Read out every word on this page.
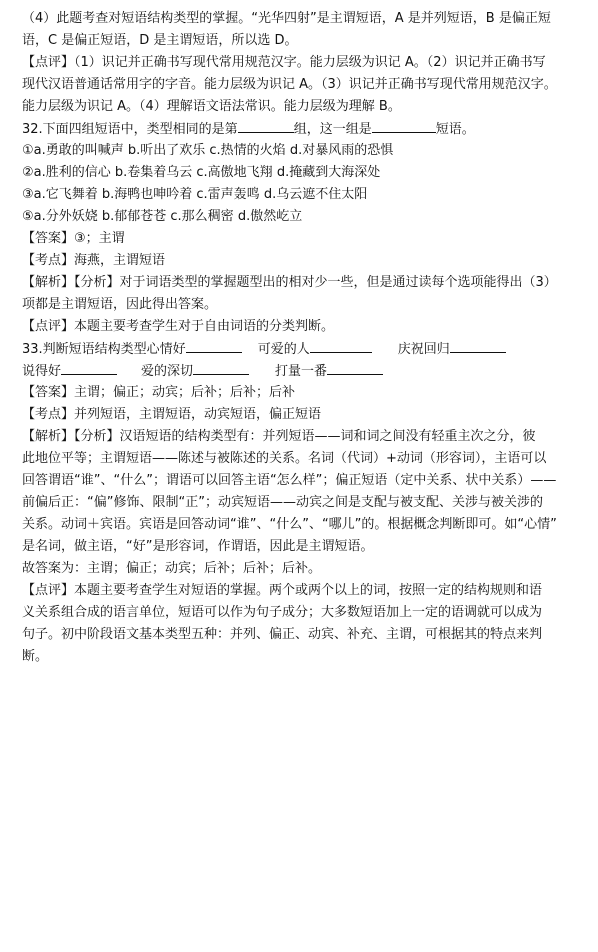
（4）此题考查对短语结构类型的掌握。“光华四射”是主谓短语，A 是并列短语，B 是偏正短
语，C 是偏正短语，D 是主谓短语，所以选 D。
【点评】（1）识记并正确书写现代常用规范汉字。能力层级为识记 A。（2）识记并正确书写
现代汉语普通话常用字的字音。能力层级为识记 A。（3）识记并正确书写现代常用规范汉字。
能力层级为识记 A。（4）理解语文语法常识。能力层级为理解 B。
32.下面四组短语中，类型相同的是第	组，这一组是	短语。
①a.勇敢的叫喊声 b.听出了欢乐 c.热情的火焰 d.对暴风雨的恐惧
②a.胜利的信心 b.卷集着乌云 c.高傲地飞翔 d.掩藏到大海深处
③a.它飞舞着 b.海鸭也呻吟着 c.雷声轰鸣 d.乌云遮不住太阳
⑤a.分外妖娆 b.郁郁苍苍 c.那么稠密 d.傲然屹立
【答案】③；主谓
【考点】海燕，主谓短语
【解析】【分析】对于词语类型的掌握题型出的相对少一些，但是通过读每个选项能得出（3）
项都是主谓短语，因此得出答案。
【点评】本题主要考查学生对于自由词语的分类判断。
33.判断短语结构类型心情好	可爱的人	庆祝回归
说得好	爱的深切	打量一番
【答案】主谓；偏正；动宾；后补；后补；后补
【考点】并列短语，主谓短语，动宾短语，偏正短语
【解析】【分析】汉语短语的结构类型有：并列短语——词和词之间没有轻重主次之分，彼
此地位平等；主谓短语——陈述与被陈述的关系。名词（代词）+动词（形容词），主语可以
回答谓语“谁”、“什么”；谓语可以回答主语“怎么样”；偏正短语（定中关系、状中关系）——
前偏后正：“偏”修饰、限制“正”；动宾短语——动宾之间是支配与被支配、关涉与被关涉的
关系。动词＋宾语。宾语是回答动词“谁”、“什么”、“哪儿”的。根据概念判断即可。如“心情”
是名词，做主语，“好”是形容词，作谓语，因此是主谓短语。
故答案为：主谓；偏正；动宾；后补；后补；后补。
【点评】本题主要考查学生对短语的掌握。两个或两个以上的词，按照一定的结构规则和语
义关系组合成的语言单位，短语可以作为句子成分；大多数短语加上一定的语调就可以成为
句子。初中阶段语文基本类型五种：并列、偏正、动宾、补充、主谓，可根据其的特点来判
断。
